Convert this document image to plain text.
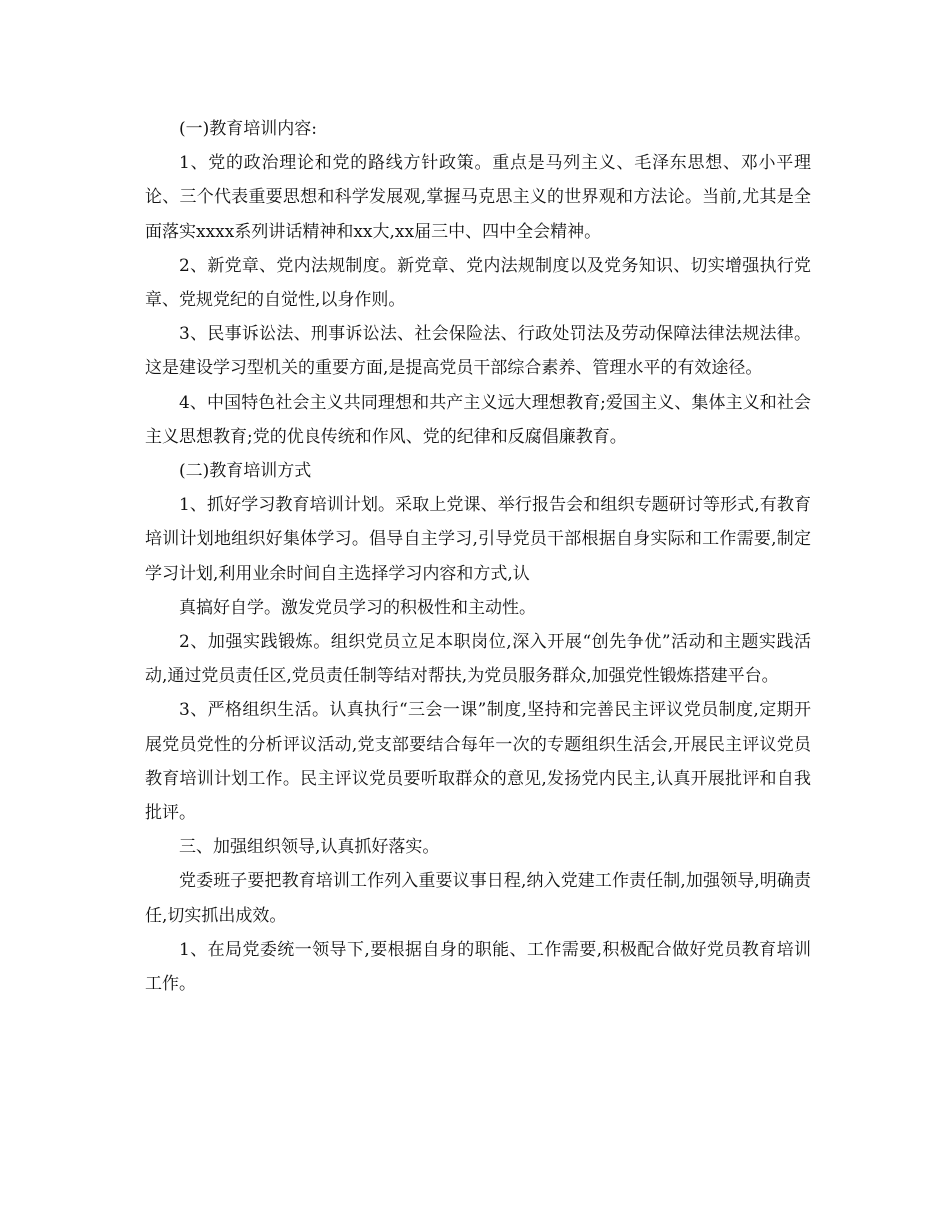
(一)教育培训内容:

1、党的政治理论和党的路线方针政策。重点是马列主义、毛泽东思想、邓小平理论、三个代表重要思想和科学发展观,掌握马克思主义的世界观和方法论。当前,尤其是全面落实xxxx系列讲话精神和xx大,xx届三中、四中全会精神。

2、新党章、党内法规制度。新党章、党内法规制度以及党务知识、切实增强执行党章、党规党纪的自觉性,以身作则。

3、民事诉讼法、刑事诉讼法、社会保险法、行政处罚法及劳动保障法律法规法律。这是建设学习型机关的重要方面,是提高党员干部综合素养、管理水平的有效途径。

4、中国特色社会主义共同理想和共产主义远大理想教育;爱国主义、集体主义和社会主义思想教育;党的优良传统和作风、党的纪律和反腐倡廉教育。

(二)教育培训方式

1、抓好学习教育培训计划。采取上党课、举行报告会和组织专题研讨等形式,有教育培训计划地组织好集体学习。倡导自主学习,引导党员干部根据自身实际和工作需要,制定学习计划,利用业余时间自主选择学习内容和方式,认

真搞好自学。激发党员学习的积极性和主动性。

2、加强实践锻炼。组织党员立足本职岗位,深入开展“创先争优”活动和主题实践活动,通过党员责任区,党员责任制等结对帮扶,为党员服务群众,加强党性锻炼搭建平台。

3、严格组织生活。认真执行“三会一课”制度,坚持和完善民主评议党员制度,定期开展党员党性的分析评议活动,党支部要结合每年一次的专题组织生活会,开展民主评议党员教育培训计划工作。民主评议党员要听取群众的意见,发扬党内民主,认真开展批评和自我批评。

三、加强组织领导,认真抓好落实。

党委班子要把教育培训工作列入重要议事日程,纳入党建工作责任制,加强领导,明确责任,切实抓出成效。

1、在局党委统一领导下,要根据自身的职能、工作需要,积极配合做好党员教育培训工作。
